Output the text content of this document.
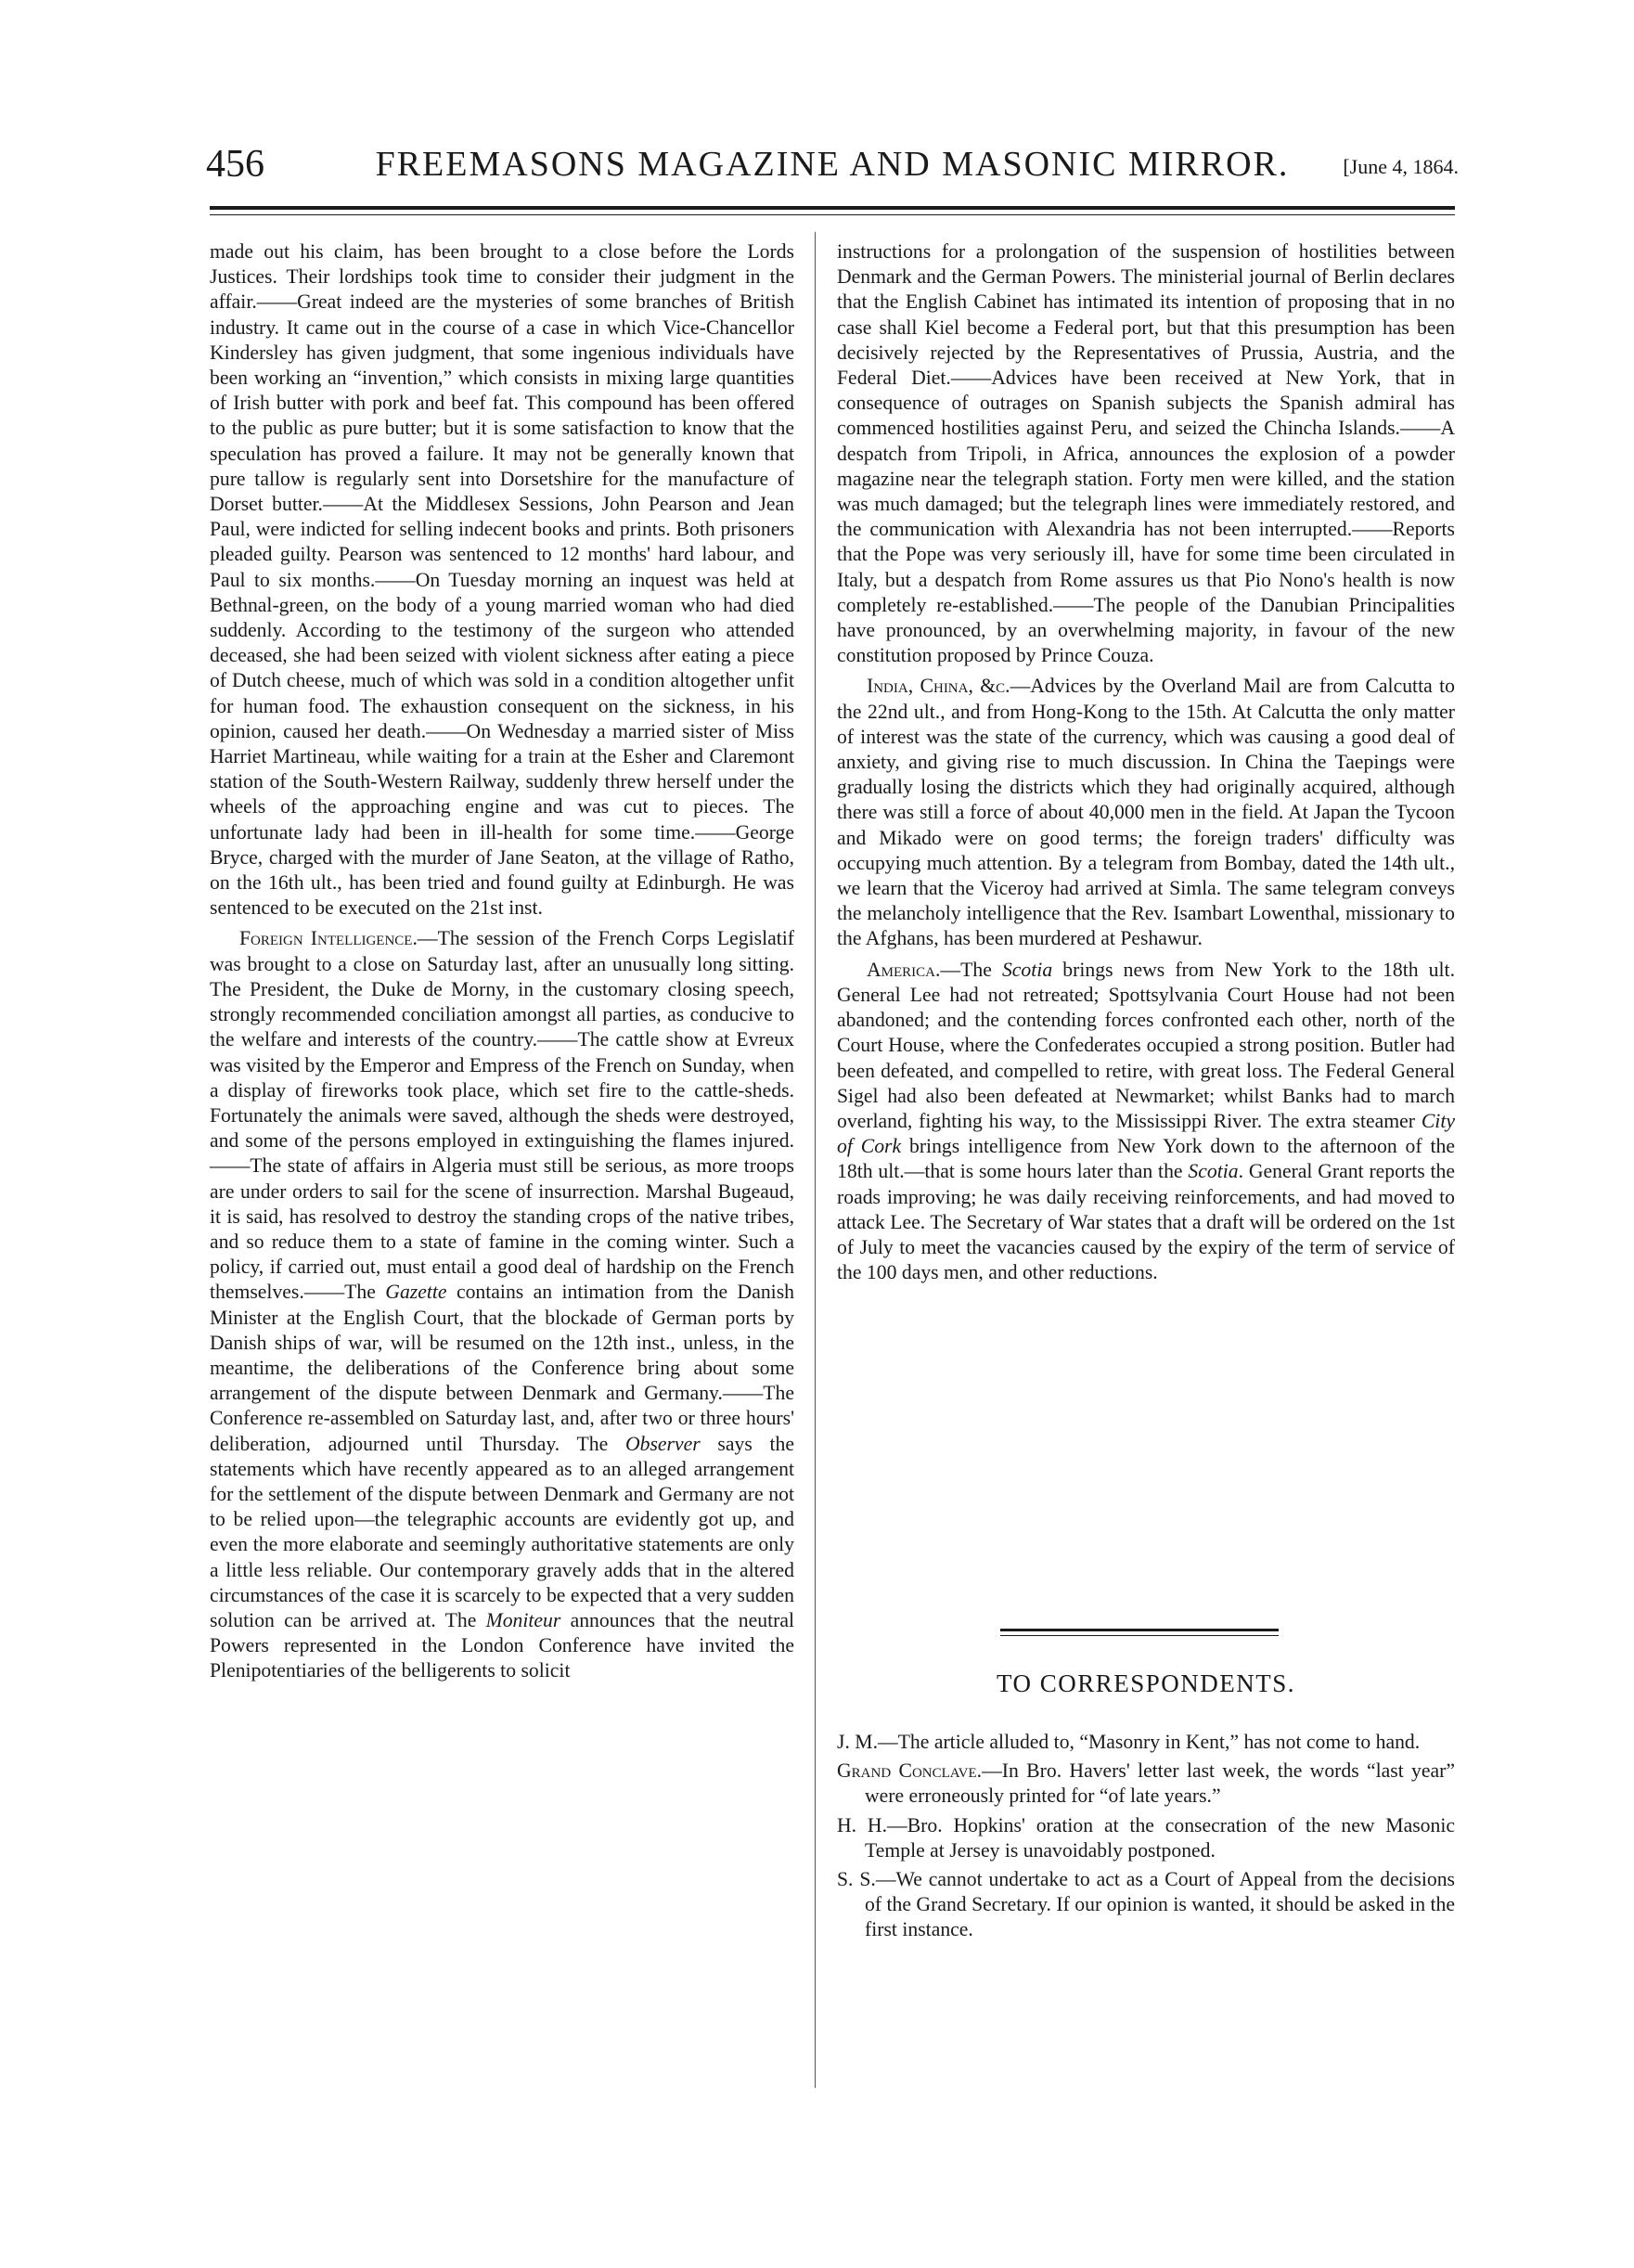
456	FREEMASONS MAGAZINE AND MASONIC MIRROR.	[June 4, 1864.

made out his claim, has been brought to a close before the Lords Justices. Their lordships took time to consider their judgment in the affair.——Great indeed are the mysteries of some branches of British industry. It came out in the course of a case in which Vice-Chancellor Kindersley has given judgment, that some ingenious individuals have been working an “invention,” which consists in mixing large quantities of Irish butter with pork and beef fat. This compound has been offered to the public as pure butter; but it is some satisfaction to know that the speculation has proved a failure. It may not be generally known that pure tallow is regularly sent into Dorsetshire for the manufacture of Dorset butter.——At the Middlesex Sessions, John Pearson and Jean Paul, were indicted for selling indecent books and prints. Both prisoners pleaded guilty. Pearson was sentenced to 12 months' hard labour, and Paul to six months.——On Tuesday morning an inquest was held at Bethnal-green, on the body of a young married woman who had died suddenly. According to the testimony of the surgeon who attended deceased, she had been seized with violent sickness after eating a piece of Dutch cheese, much of which was sold in a condition altogether unfit for human food. The exhaustion consequent on the sickness, in his opinion, caused her death.——On Wednesday a married sister of Miss Harriet Martineau, while waiting for a train at the Esher and Claremont station of the South-Western Railway, suddenly threw herself under the wheels of the approaching engine and was cut to pieces. The unfortunate lady had been in ill-health for some time.——George Bryce, charged with the murder of Jane Seaton, at the village of Ratho, on the 16th ult., has been tried and found guilty at Edinburgh. He was sentenced to be executed on the 21st inst.

Foreign Intelligence.—The session of the French Corps Legislatif was brought to a close on Saturday last, after an unusually long sitting. The President, the Duke de Morny, in the customary closing speech, strongly recommended conciliation amongst all parties, as conducive to the welfare and interests of the country.——The cattle show at Evreux was visited by the Emperor and Empress of the French on Sunday, when a display of fireworks took place, which set fire to the cattle-sheds. Fortunately the animals were saved, although the sheds were destroyed, and some of the persons employed in extinguishing the flames injured.——The state of affairs in Algeria must still be serious, as more troops are under orders to sail for the scene of insurrection. Marshal Bugeaud, it is said, has resolved to destroy the standing crops of the native tribes, and so reduce them to a state of famine in the coming winter. Such a policy, if carried out, must entail a good deal of hardship on the French themselves.——The Gazette contains an intimation from the Danish Minister at the English Court, that the blockade of German ports by Danish ships of war, will be resumed on the 12th inst., unless, in the meantime, the deliberations of the Conference bring about some arrangement of the dispute between Denmark and Germany.——The Conference re-assembled on Saturday last, and, after two or three hours' deliberation, adjourned until Thursday. The Observer says the statements which have recently appeared as to an alleged arrangement for the settlement of the dispute between Denmark and Germany are not to be relied upon—the telegraphic accounts are evidently got up, and even the more elaborate and seemingly authoritative statements are only a little less reliable. Our contemporary gravely adds that in the altered circumstances of the case it is scarcely to be expected that a very sudden solution can be arrived at. The Moniteur announces that the neutral Powers represented in the London Conference have invited the Plenipotentiaries of the belligerents to solicit

instructions for a prolongation of the suspension of hostilities between Denmark and the German Powers. The ministerial journal of Berlin declares that the English Cabinet has intimated its intention of proposing that in no case shall Kiel become a Federal port, but that this presumption has been decisively rejected by the Representatives of Prussia, Austria, and the Federal Diet.——Advices have been received at New York, that in consequence of outrages on Spanish subjects the Spanish admiral has commenced hostilities against Peru, and seized the Chincha Islands.——A despatch from Tripoli, in Africa, announces the explosion of a powder magazine near the telegraph station. Forty men were killed, and the station was much damaged; but the telegraph lines were immediately restored, and the communication with Alexandria has not been interrupted.——Reports that the Pope was very seriously ill, have for some time been circulated in Italy, but a despatch from Rome assures us that Pio Nono's health is now completely re-established.——The people of the Danubian Principalities have pronounced, by an overwhelming majority, in favour of the new constitution proposed by Prince Couza.

India, China, &c.—Advices by the Overland Mail are from Calcutta to the 22nd ult., and from Hong-Kong to the 15th. At Calcutta the only matter of interest was the state of the currency, which was causing a good deal of anxiety, and giving rise to much discussion. In China the Taepings were gradually losing the districts which they had originally acquired, although there was still a force of about 40,000 men in the field. At Japan the Tycoon and Mikado were on good terms; the foreign traders' difficulty was occupying much attention. By a telegram from Bombay, dated the 14th ult., we learn that the Viceroy had arrived at Simla. The same telegram conveys the melancholy intelligence that the Rev. Isambart Lowenthal, missionary to the Afghans, has been murdered at Peshawur.

America.—The Scotia brings news from New York to the 18th ult. General Lee had not retreated; Spottsylvania Court House had not been abandoned; and the contending forces confronted each other, north of the Court House, where the Confederates occupied a strong position. Butler had been defeated, and compelled to retire, with great loss. The Federal General Sigel had also been defeated at Newmarket; whilst Banks had to march overland, fighting his way, to the Mississippi River. The extra steamer City of Cork brings intelligence from New York down to the afternoon of the 18th ult.—that is some hours later than the Scotia. General Grant reports the roads improving; he was daily receiving reinforcements, and had moved to attack Lee. The Secretary of War states that a draft will be ordered on the 1st of July to meet the vacancies caused by the expiry of the term of service of the 100 days men, and other reductions.

TO CORRESPONDENTS.

J. M.—The article alluded to, “Masonry in Kent,” has not come to hand.

Grand Conclave.—In Bro. Havers' letter last week, the words “last year” were erroneously printed for “of late years.”

H. H.—Bro. Hopkins' oration at the consecration of the new Masonic Temple at Jersey is unavoidably postponed.

S. S.—We cannot undertake to act as a Court of Appeal from the decisions of the Grand Secretary. If our opinion is wanted, it should be asked in the first instance.
